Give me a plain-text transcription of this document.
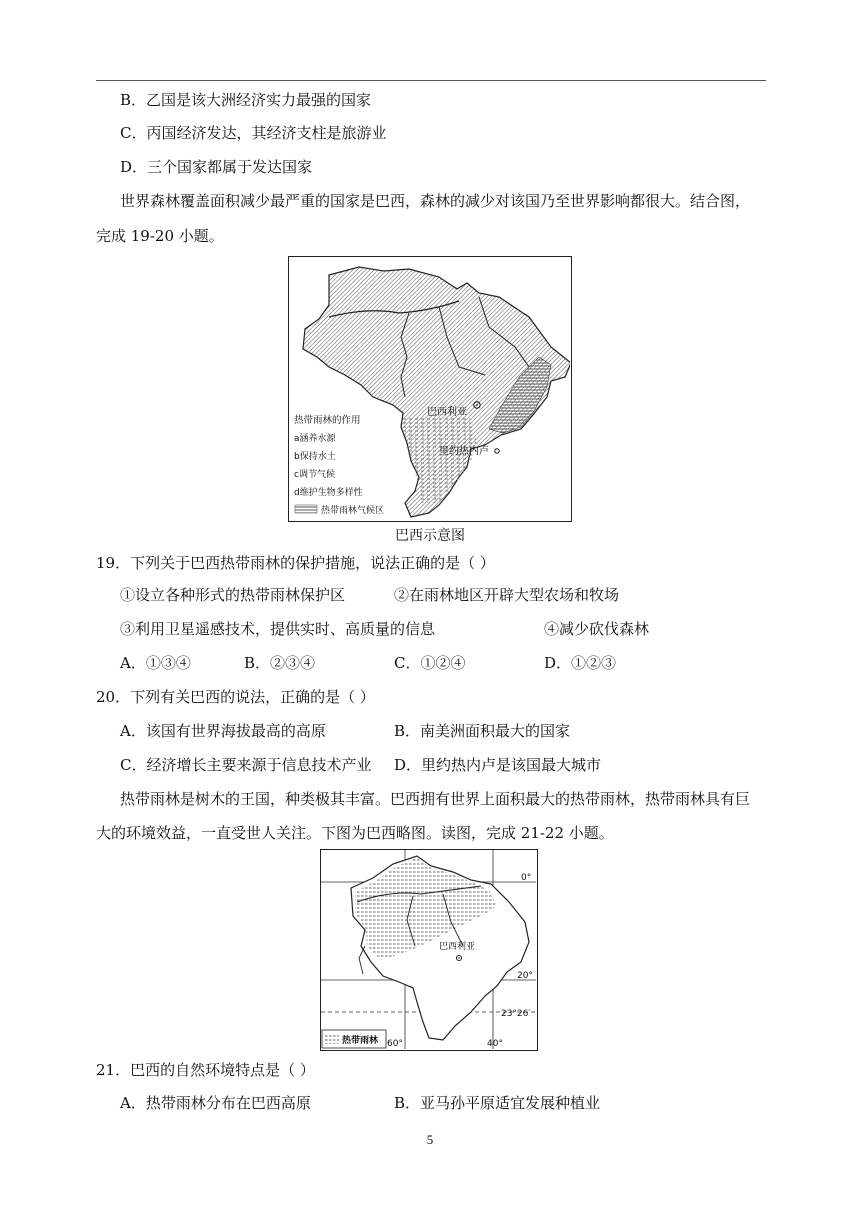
B．乙国是该大洲经济实力最强的国家
C．丙国经济发达，其经济支柱是旅游业
D．三个国家都属于发达国家
世界森林覆盖面积减少最严重的国家是巴西，森林的减少对该国乃至世界影响都很大。结合图，
完成 19-20 小题。
巴西利亚
里约热内卢
热带雨林的作用
a涵养水源
b保持水土
c调节气候
d维护生物多样性
热带雨林气候区
巴西示意图
19．下列关于巴西热带雨林的保护措施，说法正确的是（ ）
①设立各种形式的热带雨林保护区	②在雨林地区开辟大型农场和牧场
③利用卫星遥感技术，提供实时、高质量的信息	④减少砍伐森林
A．①③④	B．②③④	C．①②④	D．①②③
20．下列有关巴西的说法，正确的是（ ）
A．该国有世界海拔最高的高原	B．南美洲面积最大的国家
C．经济增长主要来源于信息技术产业 D．里约热内卢是该国最大城市
热带雨林是树木的王国，种类极其丰富。巴西拥有世界上面积最大的热带雨林，热带雨林具有巨
大的环境效益，一直受世人关注。下图为巴西略图。读图，完成 21-22 小题。
巴西利亚
0°
20°
23°26′
60°	40°
热带雨林
21．巴西的自然环境特点是（ ）
A．热带雨林分布在巴西高原	B．亚马孙平原适宜发展种植业
5
